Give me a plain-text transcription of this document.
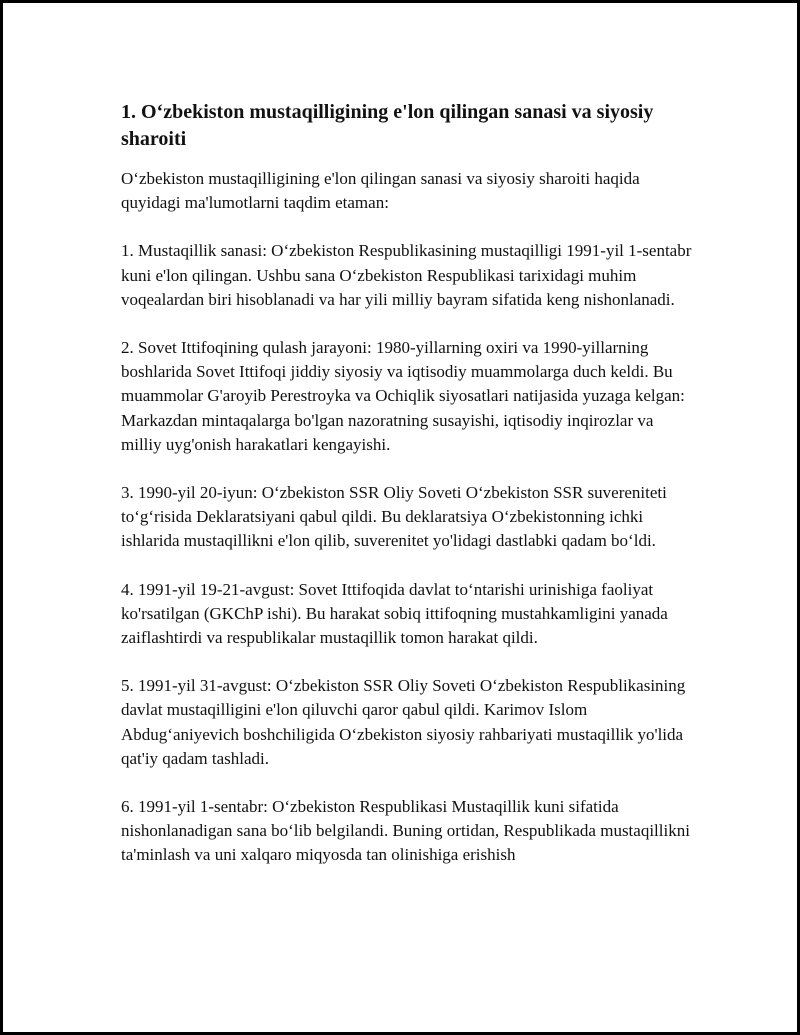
1. O‘zbekiston mustaqilligining e'lon qilingan sanasi va siyosiy sharoiti

O‘zbekiston mustaqilligining e'lon qilingan sanasi va siyosiy sharoiti haqida quyidagi ma'lumotlarni taqdim etaman:

1. Mustaqillik sanasi: O‘zbekiston Respublikasining mustaqilligi 1991-yil 1-sentabr kuni e'lon qilingan. Ushbu sana O‘zbekiston Respublikasi tarixidagi muhim voqealardan biri hisoblanadi va har yili milliy bayram sifatida keng nishonlanadi.

2. Sovet Ittifoqining qulash jarayoni: 1980-yillarning oxiri va 1990-yillarning boshlarida Sovet Ittifoqi jiddiy siyosiy va iqtisodiy muammolarga duch keldi. Bu muammolar G'aroyib Perestroyka va Ochiqlik siyosatlari natijasida yuzaga kelgan: Markazdan mintaqalarga bo'lgan nazoratning susayishi, iqtisodiy inqirozlar va milliy uyg'onish harakatlari kengayishi.

3. 1990-yil 20-iyun: O‘zbekiston SSR Oliy Soveti O‘zbekiston SSR suvereniteti to‘g‘risida Deklaratsiyani qabul qildi. Bu deklaratsiya O‘zbekistonning ichki ishlarida mustaqillikni e'lon qilib, suverenitet yo'lidagi dastlabki qadam bo‘ldi.

4. 1991-yil 19-21-avgust: Sovet Ittifoqida davlat to‘ntarishi urinishiga faoliyat ko'rsatilgan (GKChP ishi). Bu harakat sobiq ittifoqning mustahkamligini yanada zaiflashtirdi va respublikalar mustaqillik tomon harakat qildi.

5. 1991-yil 31-avgust: O‘zbekiston SSR Oliy Soveti O‘zbekiston Respublikasining davlat mustaqilligini e'lon qiluvchi qaror qabul qildi. Karimov Islom Abdug‘aniyevich boshchiligida O‘zbekiston siyosiy rahbariyati mustaqillik yo'lida qat'iy qadam tashladi.

6. 1991-yil 1-sentabr: O‘zbekiston Respublikasi Mustaqillik kuni sifatida nishonlanadigan sana bo‘lib belgilandi. Buning ortidan, Respublikada mustaqillikni ta'minlash va uni xalqaro miqyosda tan olinishiga erishish
